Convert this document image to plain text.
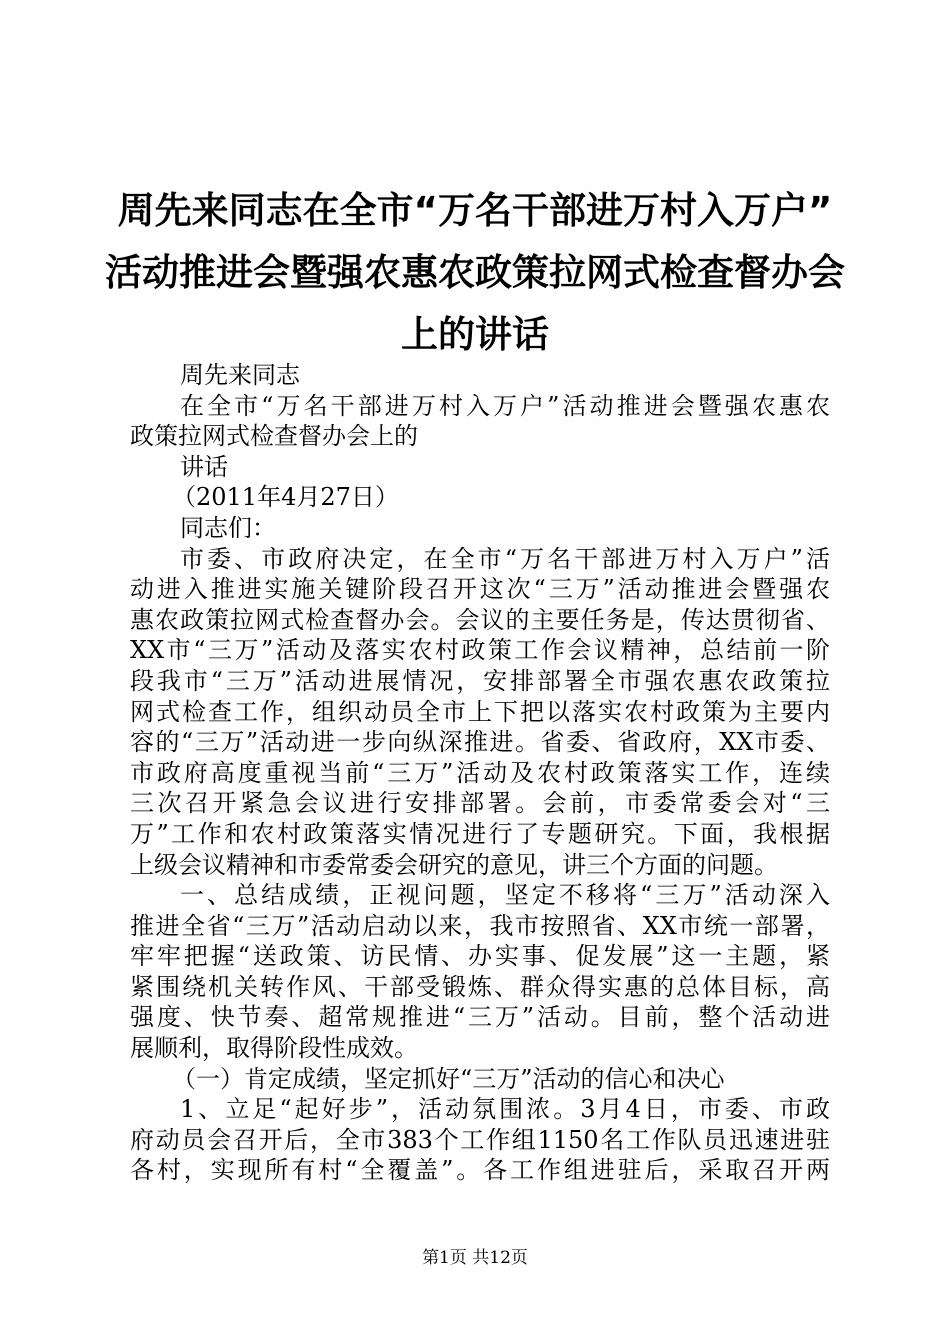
周先来同志在全市“万名干部进万村入万户”
活动推进会暨强农惠农政策拉网式检查督办会
上的讲话
周先来同志
在全市“万名干部进万村入万户”活动推进会暨强农惠农
政策拉网式检查督办会上的
讲话
（2011年4月27日）
同志们：
市委、市政府决定，在全市“万名干部进万村入万户”活
动进入推进实施关键阶段召开这次“三万”活动推进会暨强农
惠农政策拉网式检查督办会。会议的主要任务是，传达贯彻省、
XX市“三万”活动及落实农村政策工作会议精神，总结前一阶
段我市“三万”活动进展情况，安排部署全市强农惠农政策拉
网式检查工作，组织动员全市上下把以落实农村政策为主要内
容的“三万”活动进一步向纵深推进。省委、省政府，XX市委、
市政府高度重视当前“三万”活动及农村政策落实工作，连续
三次召开紧急会议进行安排部署。会前，市委常委会对“三
万”工作和农村政策落实情况进行了专题研究。下面，我根据
上级会议精神和市委常委会研究的意见，讲三个方面的问题。
一、总结成绩，正视问题，坚定不移将“三万”活动深入
推进全省“三万”活动启动以来，我市按照省、XX市统一部署，
牢牢把握“送政策、访民情、办实事、促发展”这一主题，紧
紧围绕机关转作风、干部受锻炼、群众得实惠的总体目标，高
强度、快节奏、超常规推进“三万”活动。目前，整个活动进
展顺利，取得阶段性成效。
（一）肯定成绩，坚定抓好“三万”活动的信心和决心
1、立足“起好步”，活动氛围浓。3月4日，市委、市政
府动员会召开后，全市383个工作组1150名工作队员迅速进驻
各村，实现所有村“全覆盖”。各工作组进驻后，采取召开两
第1页 共12页
